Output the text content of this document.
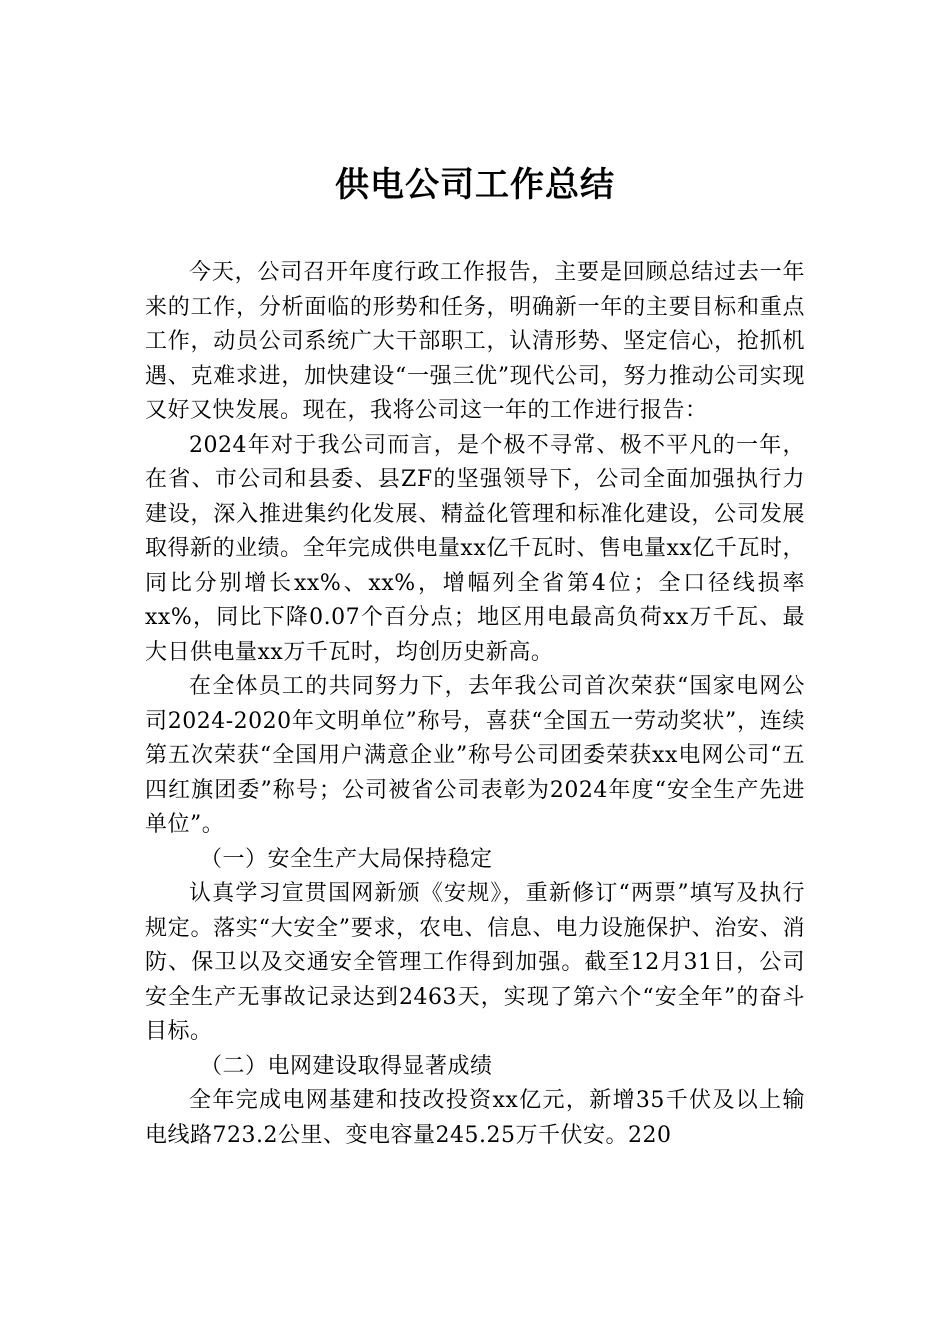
供电公司工作总结

今天，公司召开年度行政工作报告，主要是回顾总结过去一年来的工作，分析面临的形势和任务，明确新一年的主要目标和重点工作，动员公司系统广大干部职工，认清形势、坚定信心，抢抓机遇、克难求进，加快建设“一强三优”现代公司，努力推动公司实现又好又快发展。现在，我将公司这一年的工作进行报告：

2024年对于我公司而言，是个极不寻常、极不平凡的一年，在省、市公司和县委、县ZF的坚强领导下，公司全面加强执行力建设，深入推进集约化发展、精益化管理和标准化建设，公司发展取得新的业绩。全年完成供电量xx亿千瓦时、售电量xx亿千瓦时，同比分别增长xx%、xx%，增幅列全省第4位；全口径线损率xx%，同比下降0.07个百分点；地区用电最高负荷xx万千瓦、最大日供电量xx万千瓦时，均创历史新高。

在全体员工的共同努力下，去年我公司首次荣获“国家电网公司2024-2020年文明单位”称号，喜获“全国五一劳动奖状”，连续第五次荣获“全国用户满意企业”称号公司团委荣获xx电网公司“五四红旗团委”称号；公司被省公司表彰为2024年度“安全生产先进单位”。

（一）安全生产大局保持稳定

认真学习宣贯国网新颁《安规》，重新修订“两票”填写及执行规定。落实“大安全”要求，农电、信息、电力设施保护、治安、消防、保卫以及交通安全管理工作得到加强。截至12月31日，公司安全生产无事故记录达到2463天，实现了第六个“安全年”的奋斗目标。

（二）电网建设取得显著成绩

全年完成电网基建和技改投资xx亿元，新增35千伏及以上输电线路723.2公里、变电容量245.25万千伏安。220
